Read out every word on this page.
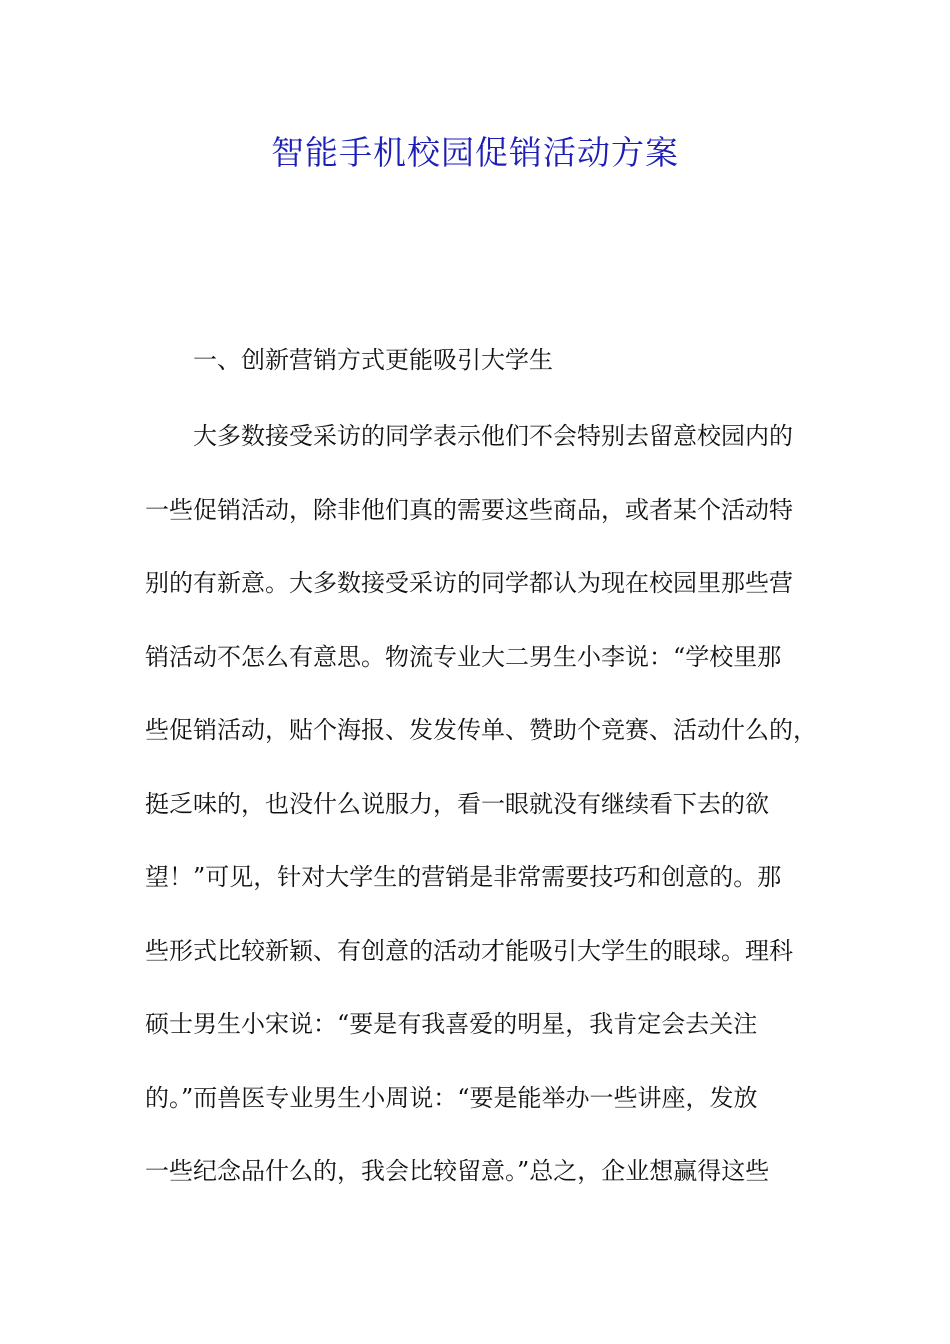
智能手机校园促销活动方案
一、创新营销方式更能吸引大学生
大多数接受采访的同学表示他们不会特别去留意校园内的
一些促销活动，除非他们真的需要这些商品，或者某个活动特
别的有新意。大多数接受采访的同学都认为现在校园里那些营
销活动不怎么有意思。物流专业大二男生小李说：“学校里那
些促销活动，贴个海报、发发传单、赞助个竞赛、活动什么的，
挺乏味的，也没什么说服力，看一眼就没有继续看下去的欲
望！”可见，针对大学生的营销是非常需要技巧和创意的。那
些形式比较新颖、有创意的活动才能吸引大学生的眼球。理科
硕士男生小宋说：“要是有我喜爱的明星，我肯定会去关注
的。”而兽医专业男生小周说：“要是能举办一些讲座，发放
一些纪念品什么的，我会比较留意。”总之，企业想赢得这些
